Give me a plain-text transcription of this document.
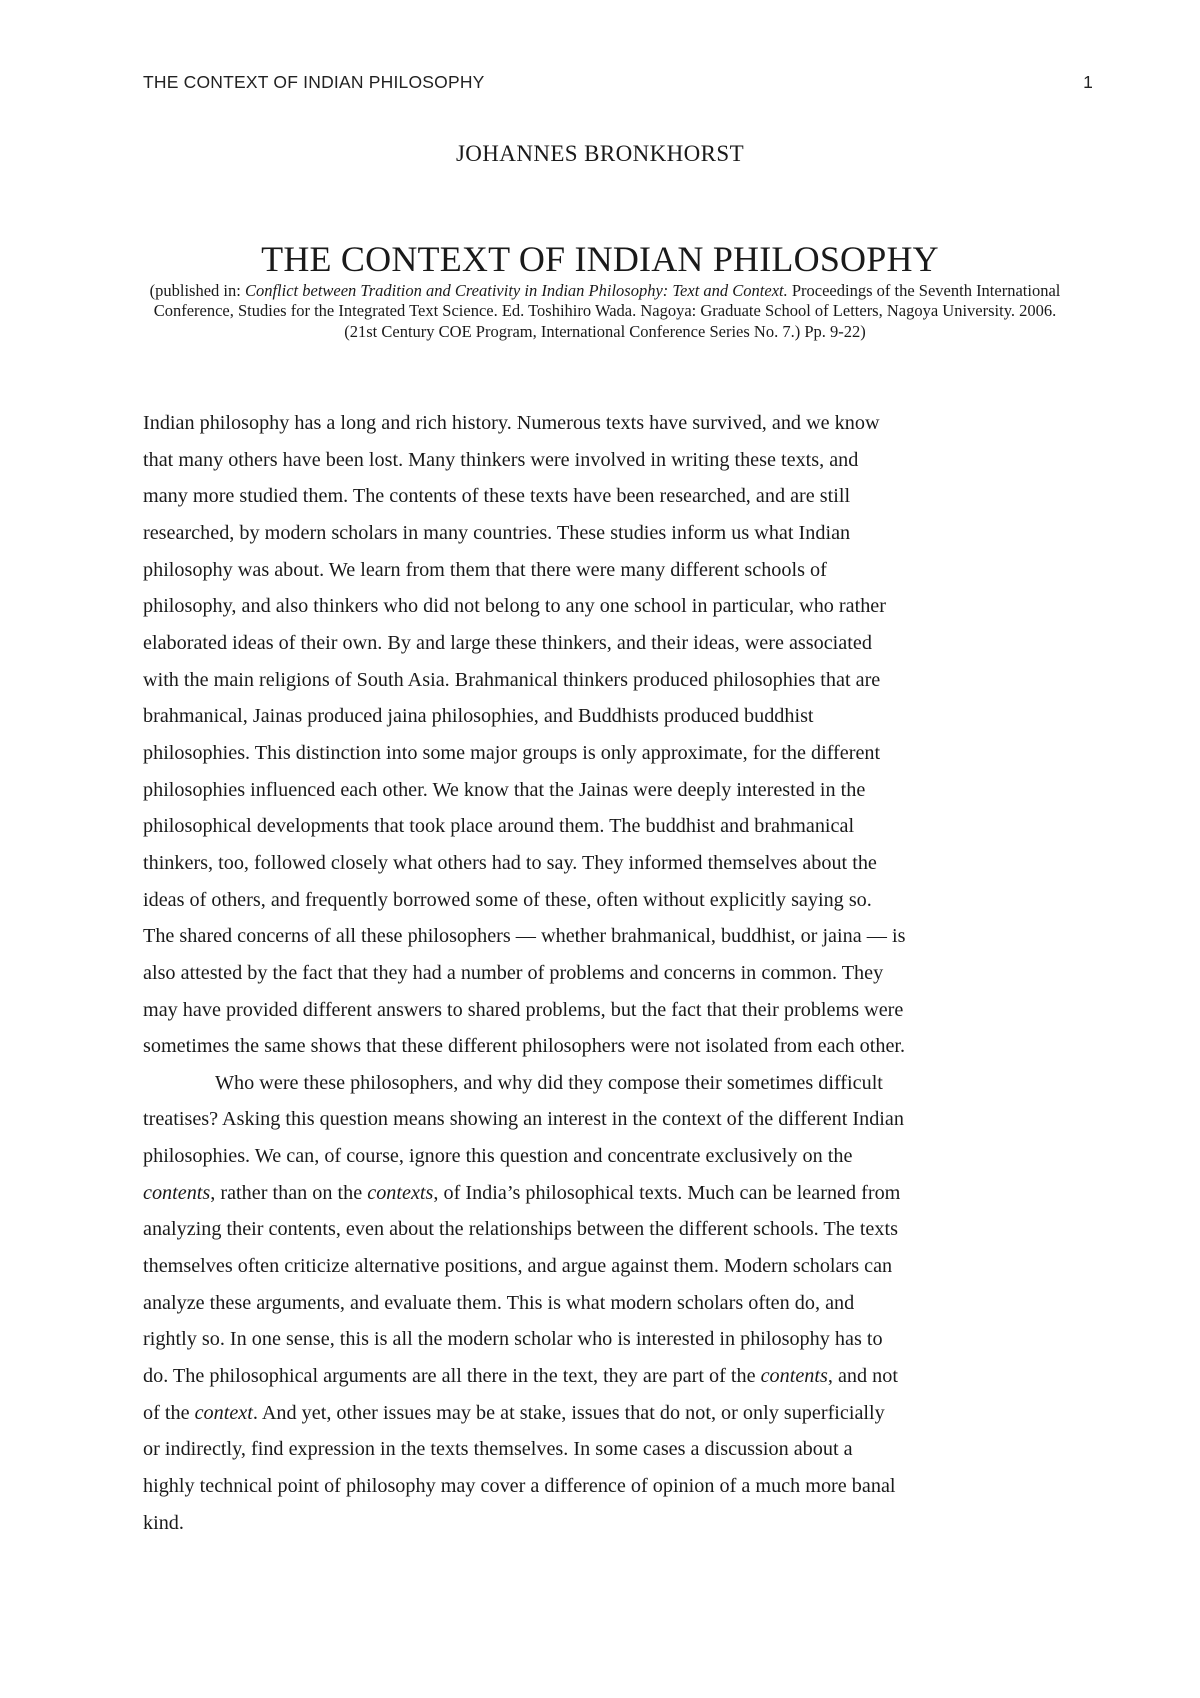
THE CONTEXT OF INDIAN PHILOSOPHY	1
JOHANNES BRONKHORST
THE CONTEXT OF INDIAN PHILOSOPHY
(published in: Conflict between Tradition and Creativity in Indian Philosophy: Text and Context. Proceedings of the Seventh International Conference, Studies for the Integrated Text Science. Ed. Toshihiro Wada. Nagoya: Graduate School of Letters, Nagoya University. 2006. (21st Century COE Program, International Conference Series No. 7.) Pp. 9-22)

Indian philosophy has a long and rich history. Numerous texts have survived, and we know
that many others have been lost. Many thinkers were involved in writing these texts, and
many more studied them. The contents of these texts have been researched, and are still
researched, by modern scholars in many countries. These studies inform us what Indian
philosophy was about. We learn from them that there were many different schools of
philosophy, and also thinkers who did not belong to any one school in particular, who rather
elaborated ideas of their own. By and large these thinkers, and their ideas, were associated
with the main religions of South Asia. Brahmanical thinkers produced philosophies that are
brahmanical, Jainas produced jaina philosophies, and Buddhists produced buddhist
philosophies. This distinction into some major groups is only approximate, for the different
philosophies influenced each other. We know that the Jainas were deeply interested in the
philosophical developments that took place around them. The buddhist and brahmanical
thinkers, too, followed closely what others had to say. They informed themselves about the
ideas of others, and frequently borrowed some of these, often without explicitly saying so.
The shared concerns of all these philosophers — whether brahmanical, buddhist, or jaina — is
also attested by the fact that they had a number of problems and concerns in common. They
may have provided different answers to shared problems, but the fact that their problems were
sometimes the same shows that these different philosophers were not isolated from each other.

Who were these philosophers, and why did they compose their sometimes difficult
treatises? Asking this question means showing an interest in the context of the different Indian
philosophies. We can, of course, ignore this question and concentrate exclusively on the
contents, rather than on the contexts, of India’s philosophical texts. Much can be learned from
analyzing their contents, even about the relationships between the different schools. The texts
themselves often criticize alternative positions, and argue against them. Modern scholars can
analyze these arguments, and evaluate them. This is what modern scholars often do, and
rightly so. In one sense, this is all the modern scholar who is interested in philosophy has to
do. The philosophical arguments are all there in the text, they are part of the contents, and not
of the context. And yet, other issues may be at stake, issues that do not, or only superficially
or indirectly, find expression in the texts themselves. In some cases a discussion about a
highly technical point of philosophy may cover a difference of opinion of a much more banal
kind.
